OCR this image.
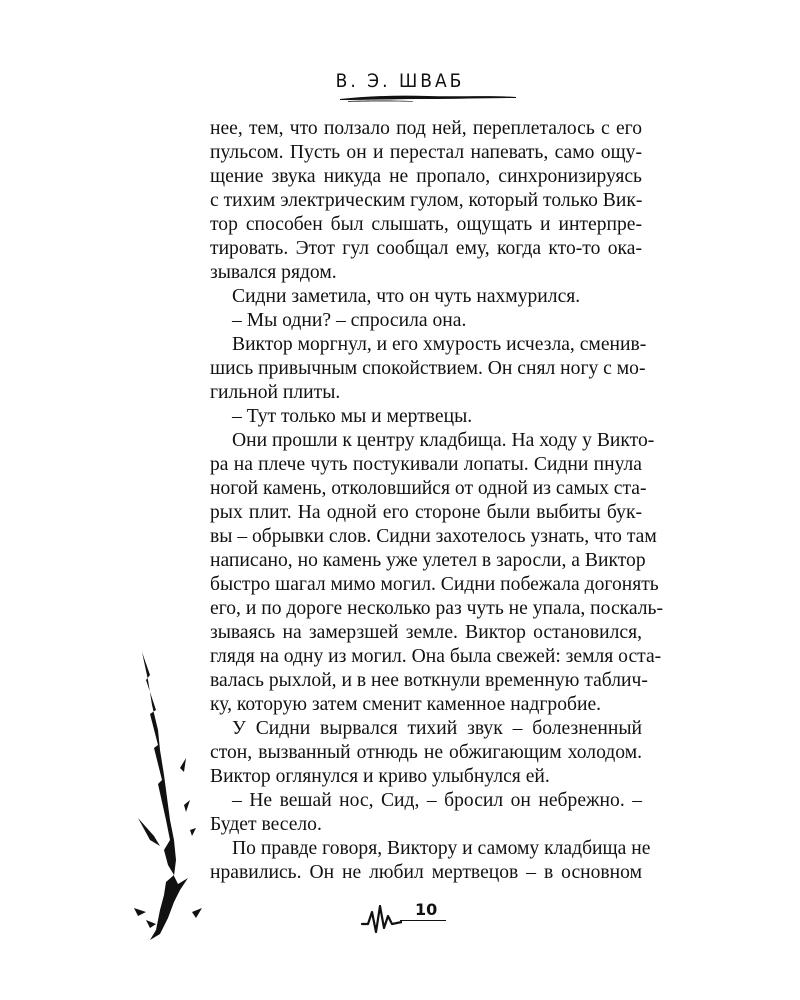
В. Э. ШВАБ
нее, тем, что ползало под ней, переплеталось с его
пульсом. Пусть он и перестал напевать, само ощу-
щение звука никуда не пропало, синхронизируясь
с тихим электрическим гулом, который только Вик-
тор способен был слышать, ощущать и интерпре-
тировать. Этот гул сообщал ему, когда кто-то ока-
зывался рядом.
Сидни заметила, что он чуть нахмурился.
– Мы одни? – спросила она.
Виктор моргнул, и его хмурость исчезла, сменив-
шись привычным спокойствием. Он снял ногу с мо-
гильной плиты.
– Тут только мы и мертвецы.
Они прошли к центру кладбища. На ходу у Викто-
ра на плече чуть постукивали лопаты. Сидни пнула
ногой камень, отколовшийся от одной из самых ста-
рых плит. На одной его стороне были выбиты бук-
вы – обрывки слов. Сидни захотелось узнать, что там
написано, но камень уже улетел в заросли, а Виктор
быстро шагал мимо могил. Сидни побежала догонять
его, и по дороге несколько раз чуть не упала, поскаль-
зываясь на замерзшей земле. Виктор остановился,
глядя на одну из могил. Она была свежей: земля оста-
валась рыхлой, и в нее воткнули временную таблич-
ку, которую затем сменит каменное надгробие.
У Сидни вырвался тихий звук – болезненный
стон, вызванный отнюдь не обжигающим холодом.
Виктор оглянулся и криво улыбнулся ей.
– Не вешай нос, Сид, – бросил он небрежно. –
Будет весело.
По правде говоря, Виктору и самому кладбища не
нравились. Он не любил мертвецов – в основном
10
